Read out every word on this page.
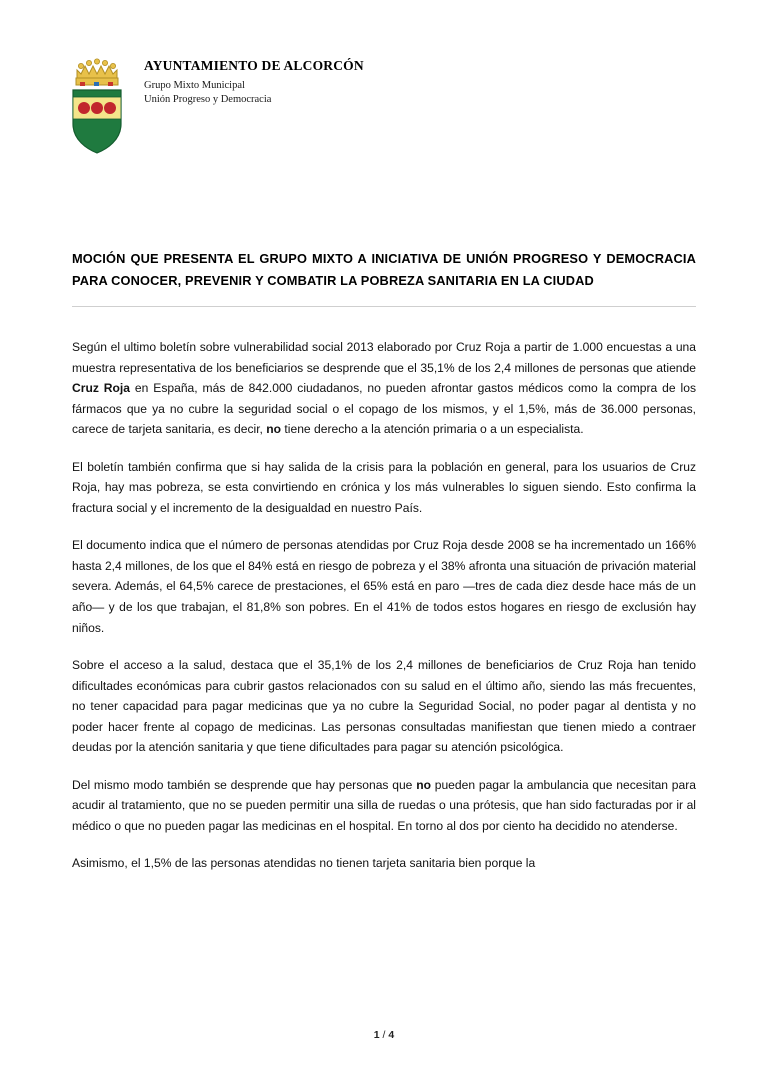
AYUNTAMIENTO DE ALCORCÓN
Grupo Mixto Municipal
Unión Progreso y Democracia
MOCIÓN QUE PRESENTA EL GRUPO MIXTO A INICIATIVA DE UNIÓN PROGRESO Y DEMOCRACIA PARA CONOCER, PREVENIR Y COMBATIR LA POBREZA SANITARIA EN LA CIUDAD

Según el ultimo boletín sobre vulnerabilidad social 2013 elaborado por Cruz Roja a partir de 1.000 encuestas a una muestra representativa de los beneficiarios se desprende que el 35,1% de los 2,4 millones de personas que atiende Cruz Roja en España, más de 842.000 ciudadanos, no pueden afrontar gastos médicos como la compra de los fármacos que ya no cubre la seguridad social o el copago de los mismos, y el 1,5%, más de 36.000 personas, carece de tarjeta sanitaria, es decir, no tiene derecho a la atención primaria o a un especialista.

El boletín también confirma que si hay salida de la crisis para la población en general, para los usuarios de Cruz Roja, hay mas pobreza, se esta convirtiendo en crónica y los más vulnerables lo siguen siendo. Esto confirma la fractura social y el incremento de la desigualdad en nuestro País.

El documento indica que el número de personas atendidas por Cruz Roja desde 2008 se ha incrementado un 166% hasta 2,4 millones, de los que el 84% está en riesgo de pobreza y el 38% afronta una situación de privación material severa. Además, el 64,5% carece de prestaciones, el 65% está en paro —tres de cada diez desde hace más de un año— y de los que trabajan, el 81,8% son pobres. En el 41% de todos estos hogares en riesgo de exclusión hay niños.

Sobre el acceso a la salud, destaca que el 35,1% de los 2,4 millones de beneficiarios de Cruz Roja han tenido dificultades económicas para cubrir gastos relacionados con su salud en el último año, siendo las más frecuentes, no tener capacidad para pagar medicinas que ya no cubre la Seguridad Social, no poder pagar al dentista y no poder hacer frente al copago de medicinas. Las personas consultadas manifiestan que tienen miedo a contraer deudas por la atención sanitaria y que tiene dificultades para pagar su atención psicológica.

Del mismo modo también se desprende que hay personas que no pueden pagar la ambulancia que necesitan para acudir al tratamiento, que no se pueden permitir una silla de ruedas o una prótesis, que han sido facturadas por ir al médico o que no pueden pagar las medicinas en el hospital. En torno al dos por ciento ha decidido no atenderse.

Asimismo, el 1,5% de las personas atendidas no tienen tarjeta sanitaria bien porque la

1 / 4
